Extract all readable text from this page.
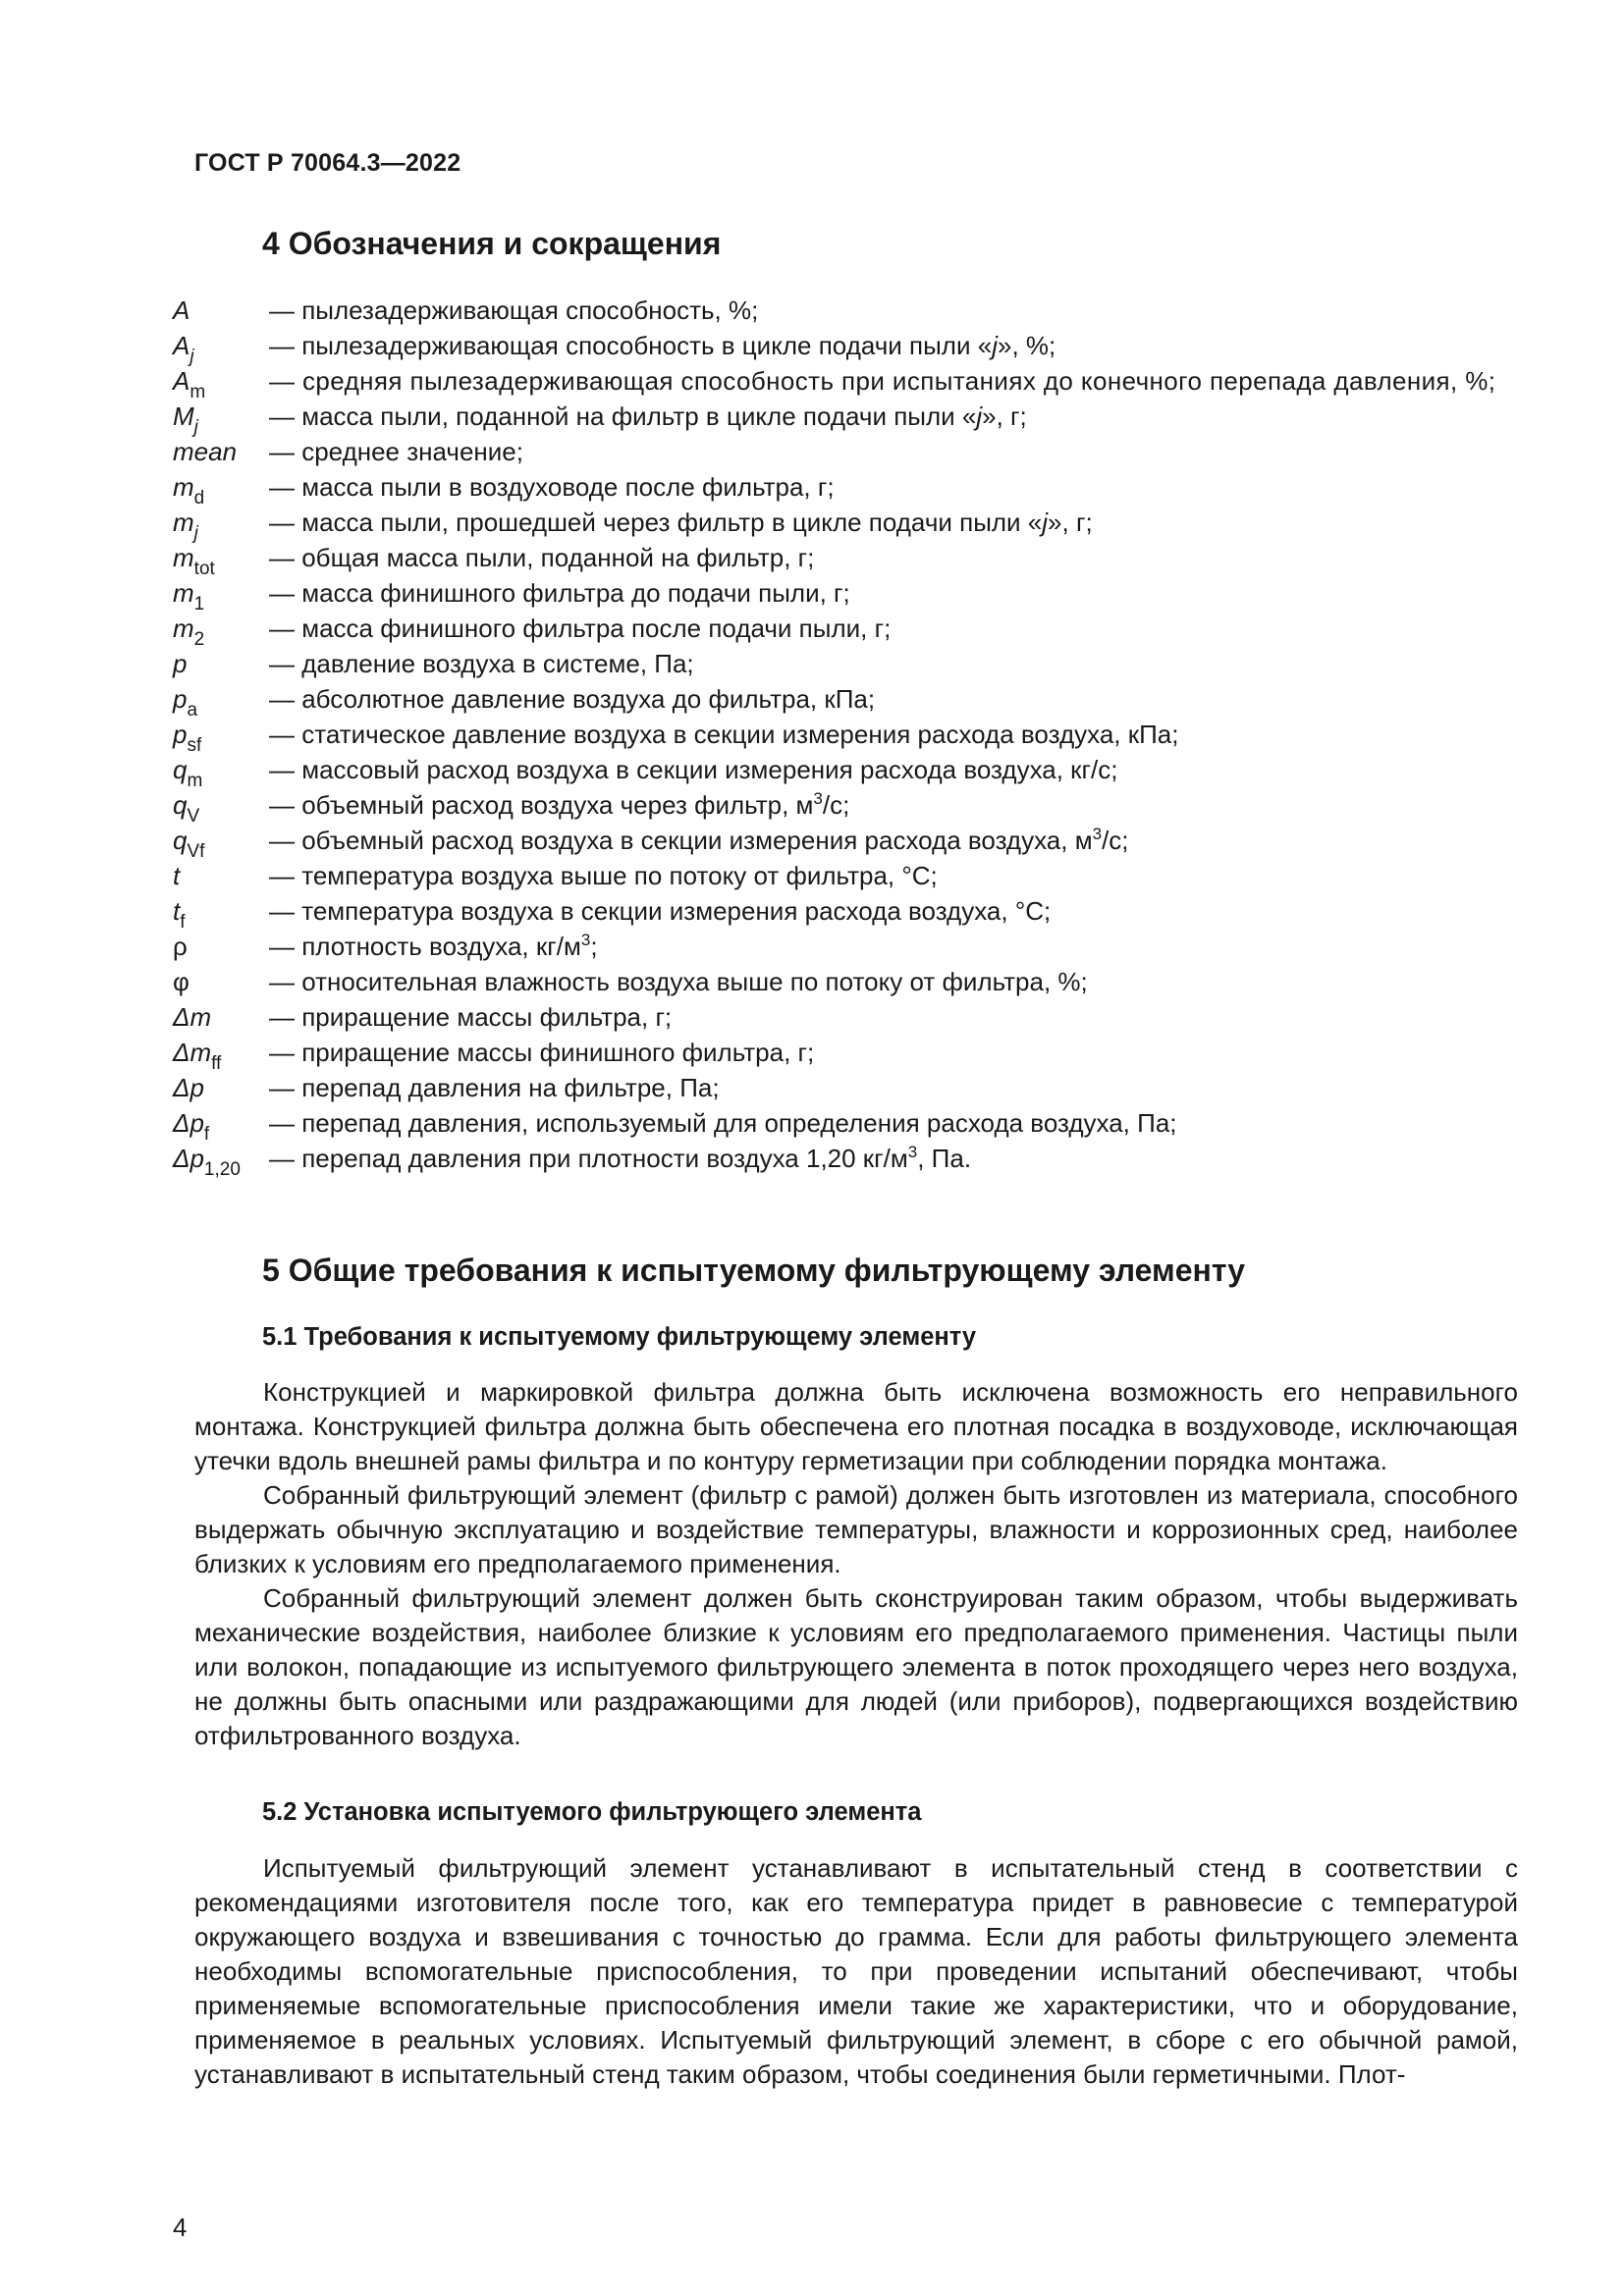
ГОСТ Р 70064.3—2022
4 Обозначения и сокращения
A	— пылезадерживающая способность, %;
$A_j$	— пылезадерживающая способность в цикле подачи пыли «j», %;
$A_m$	— средняя пылезадерживающая способность при испытаниях до конечного перепада давления, %;
$M_j$	— масса пыли, поданной на фильтр в цикле подачи пыли «j», г;
mean	— среднее значение;
$m_d$	— масса пыли в воздуховоде после фильтра, г;
$m_j$	— масса пыли, прошедшей через фильтр в цикле подачи пыли «j», г;
$m_{tot}$	— общая масса пыли, поданной на фильтр, г;
$m_1$	— масса финишного фильтра до подачи пыли, г;
$m_2$	— масса финишного фильтра после подачи пыли, г;
p	— давление воздуха в системе, Па;
$p_a$	— абсолютное давление воздуха до фильтра, кПа;
$p_{sf}$	— статическое давление воздуха в секции измерения расхода воздуха, кПа;
$q_m$	— массовый расход воздуха в секции измерения расхода воздуха, кг/с;
$q_V$	— объемный расход воздуха через фильтр, $м^3/с$;
$q_{Vf}$	— объемный расход воздуха в секции измерения расхода воздуха, $м^3/с$;
t	— температура воздуха выше по потоку от фильтра, °С;
$t_f$	— температура воздуха в секции измерения расхода воздуха, °С;
ρ	— плотность воздуха, $кг/м^3$;
φ	— относительная влажность воздуха выше по потоку от фильтра, %;
Δm	— приращение массы фильтра, г;
$\Delta m_{ff}$	— приращение массы финишного фильтра, г;
Δp	— перепад давления на фильтре, Па;
$\Delta p_f$	— перепад давления, используемый для определения расхода воздуха, Па;
$\Delta p_{1,20}$	— перепад давления при плотности воздуха 1,20 $кг/м^3$, Па.
5 Общие требования к испытуемому фильтрующему элементу
5.1 Требования к испытуемому фильтрующему элементу

Конструкцией и маркировкой фильтра должна быть исключена возможность его неправильного монтажа. Конструкцией фильтра должна быть обеспечена его плотная посадка в воздуховоде, исключающая утечки вдоль внешней рамы фильтра и по контуру герметизации при соблюдении порядка монтажа.

Собранный фильтрующий элемент (фильтр с рамой) должен быть изготовлен из материала, способного выдержать обычную эксплуатацию и воздействие температуры, влажности и коррозионных сред, наиболее близких к условиям его предполагаемого применения.

Собранный фильтрующий элемент должен быть сконструирован таким образом, чтобы выдерживать механические воздействия, наиболее близкие к условиям его предполагаемого применения. Частицы пыли или волокон, попадающие из испытуемого фильтрующего элемента в поток проходящего через него воздуха, не должны быть опасными или раздражающими для людей (или приборов), подвергающихся воздействию отфильтрованного воздуха.

5.2 Установка испытуемого фильтрующего элемента

Испытуемый фильтрующий элемент устанавливают в испытательный стенд в соответствии с рекомендациями изготовителя после того, как его температура придет в равновесие с температурой окружающего воздуха и взвешивания с точностью до грамма. Если для работы фильтрующего элемента необходимы вспомогательные приспособления, то при проведении испытаний обеспечивают, чтобы применяемые вспомогательные приспособления имели такие же характеристики, что и оборудование, применяемое в реальных условиях. Испытуемый фильтрующий элемент, в сборе с его обычной рамой, устанавливают в испытательный стенд таким образом, чтобы соединения были герметичными. Плот-

4
